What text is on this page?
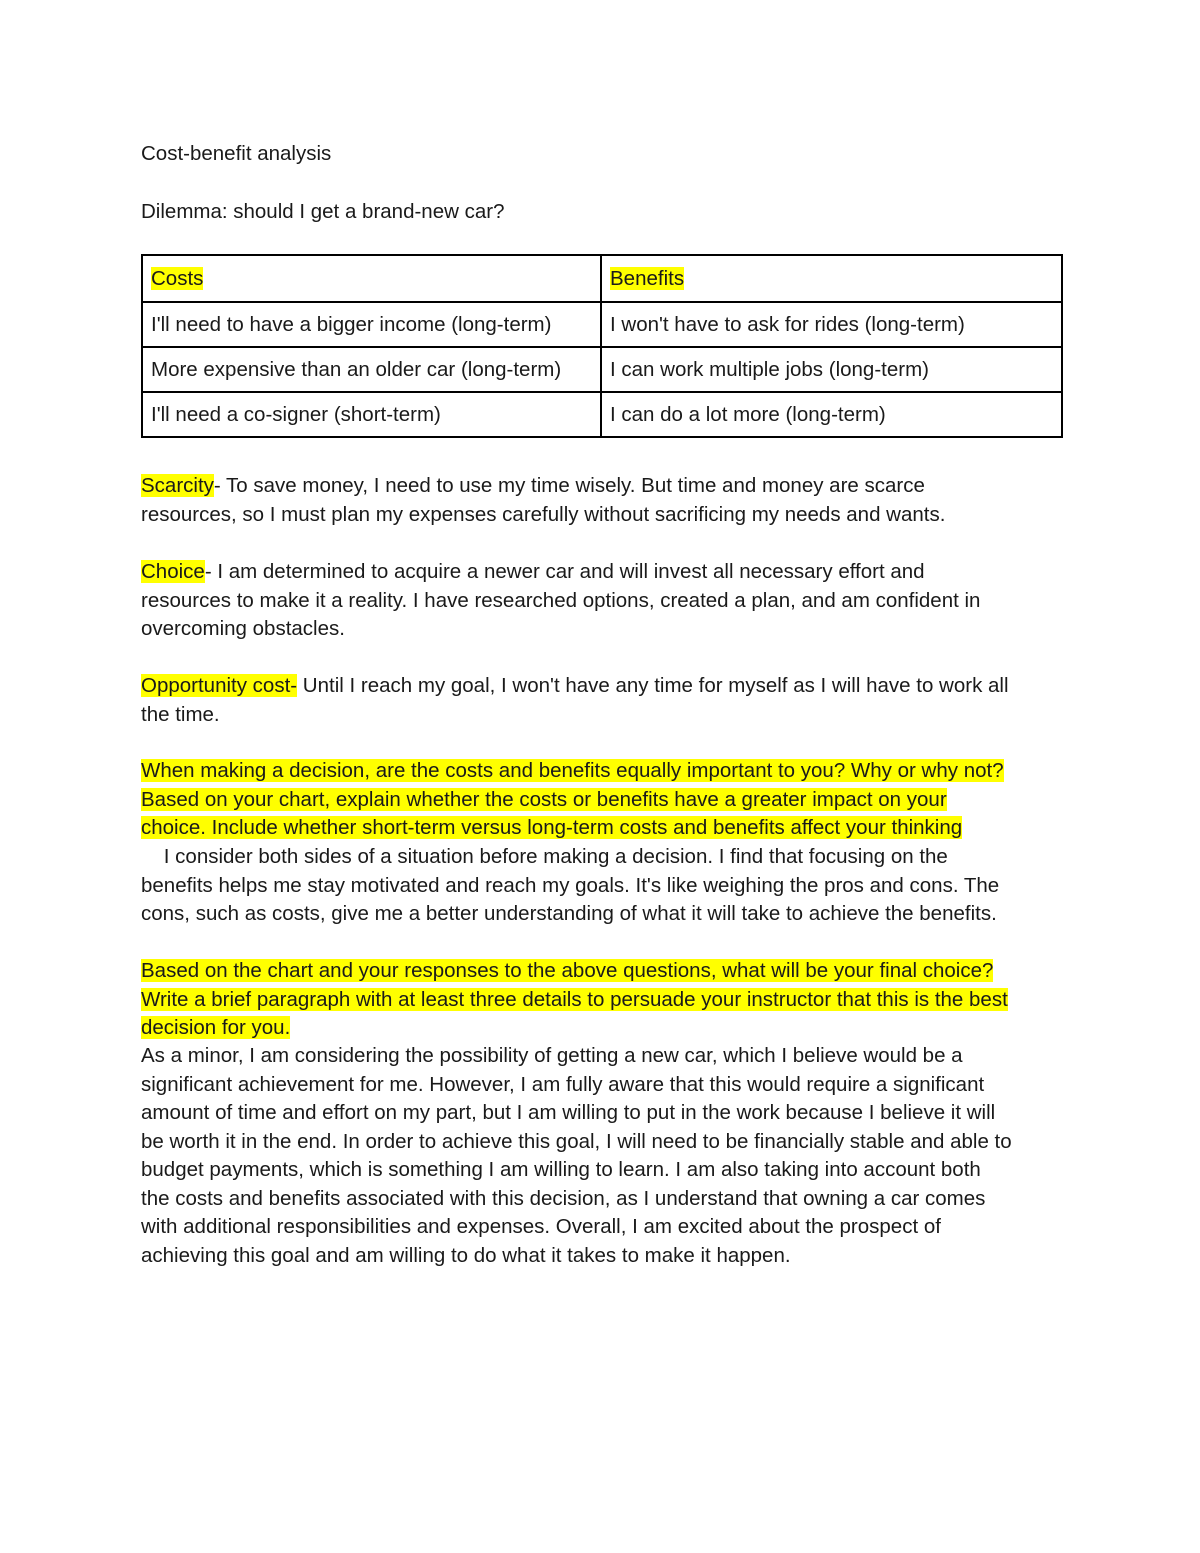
Cost-benefit analysis
Dilemma: should I get a brand-new car?
Costs	Benefits
I'll need to have a bigger income (long-term)	I won't have to ask for rides (long-term)
More expensive than an older car (long-term)	I can work multiple jobs (long-term)
I'll need a co-signer (short-term)	I can do a lot more (long-term)
Scarcity- To save money, I need to use my time wisely. But time and money are scarce
resources, so I must plan my expenses carefully without sacrificing my needs and wants.
Choice- I am determined to acquire a newer car and will invest all necessary effort and
resources to make it a reality. I have researched options, created a plan, and am confident in
overcoming obstacles.
Opportunity cost- Until I reach my goal, I won't have any time for myself as I will have to work all
the time.
When making a decision, are the costs and benefits equally important to you? Why or why not?
Based on your chart, explain whether the costs or benefits have a greater impact on your
choice. Include whether short-term versus long-term costs and benefits affect your thinking
I consider both sides of a situation before making a decision. I find that focusing on the
benefits helps me stay motivated and reach my goals. It's like weighing the pros and cons. The
cons, such as costs, give me a better understanding of what it will take to achieve the benefits.
Based on the chart and your responses to the above questions, what will be your final choice?
Write a brief paragraph with at least three details to persuade your instructor that this is the best
decision for you.
As a minor, I am considering the possibility of getting a new car, which I believe would be a
significant achievement for me. However, I am fully aware that this would require a significant
amount of time and effort on my part, but I am willing to put in the work because I believe it will
be worth it in the end. In order to achieve this goal, I will need to be financially stable and able to
budget payments, which is something I am willing to learn. I am also taking into account both
the costs and benefits associated with this decision, as I understand that owning a car comes
with additional responsibilities and expenses. Overall, I am excited about the prospect of
achieving this goal and am willing to do what it takes to make it happen.
